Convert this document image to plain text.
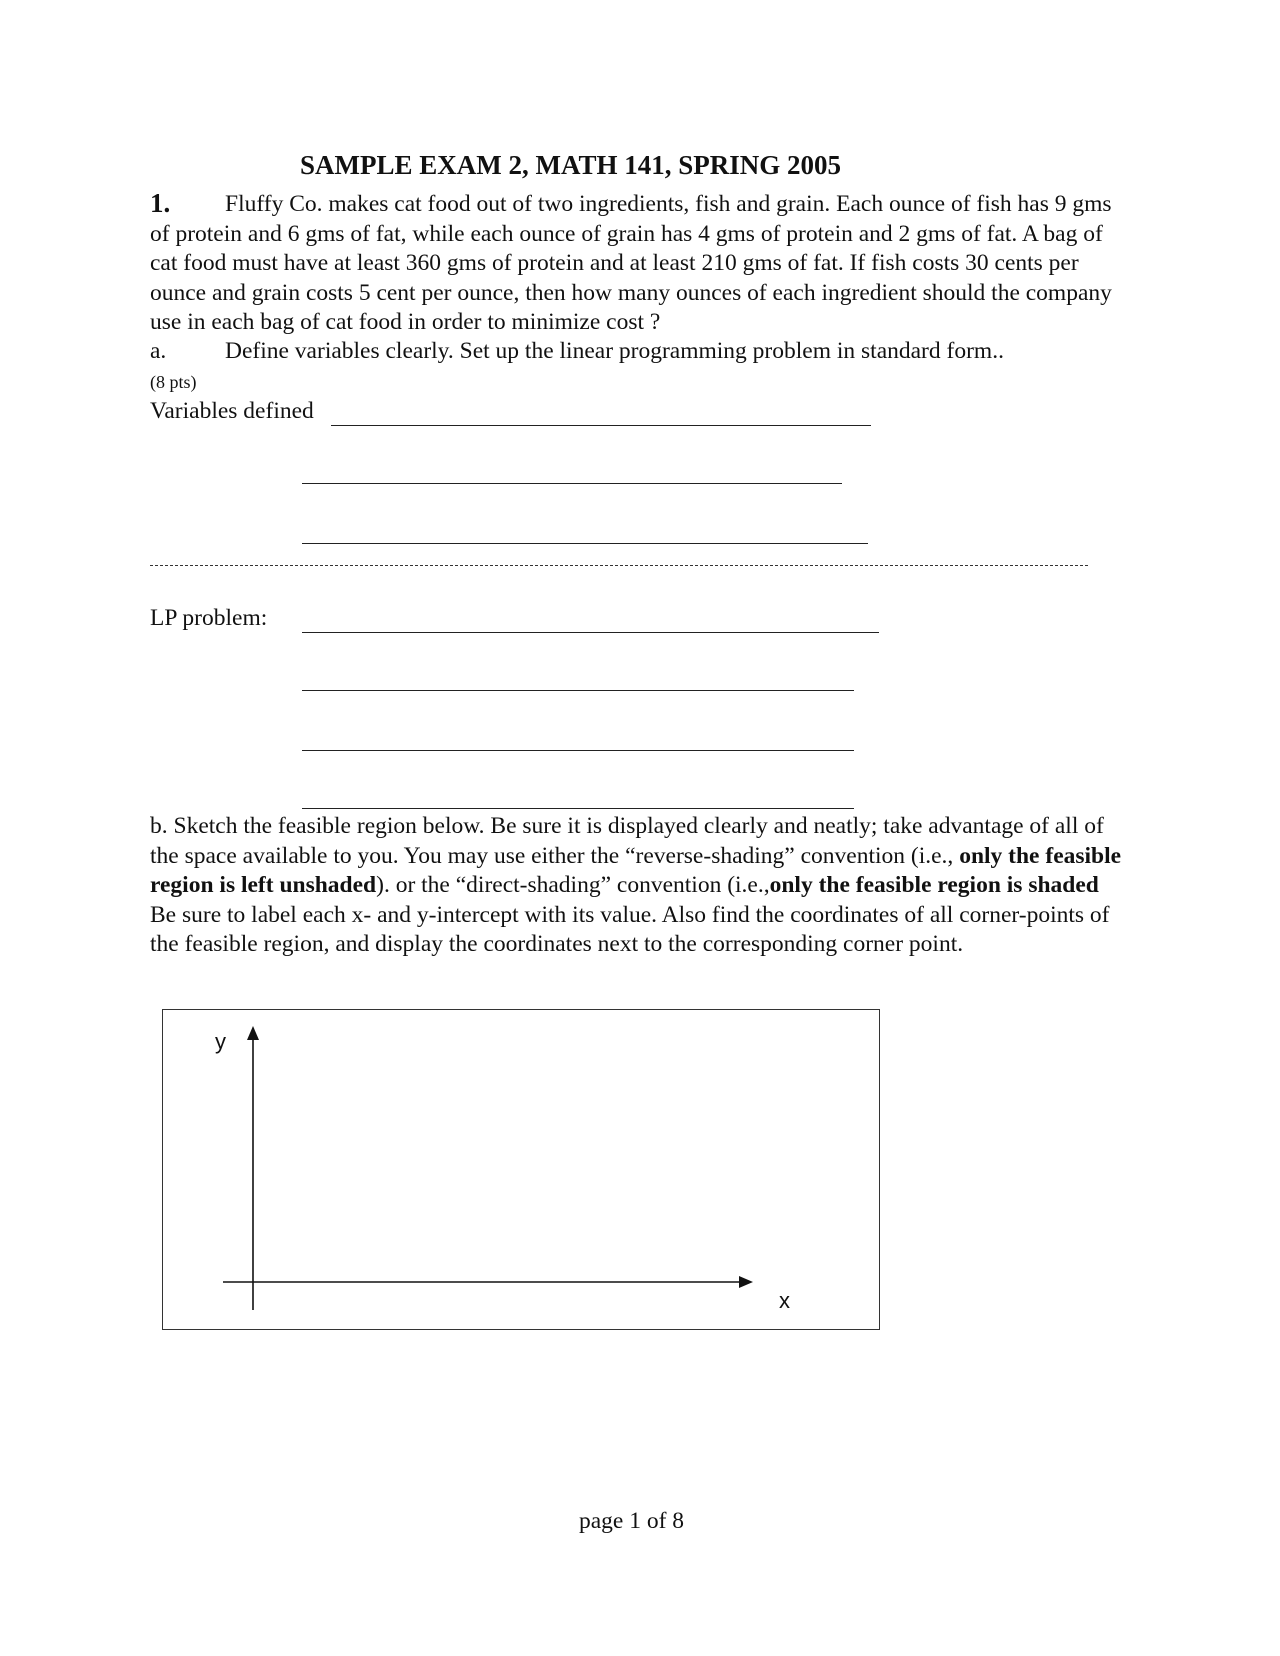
SAMPLE EXAM 2, MATH 141, SPRING 2005
1.	Fluffy Co. makes cat food out of two ingredients, fish and grain. Each ounce of fish has 9 gms of protein and 6 gms of fat, while each ounce of grain has 4 gms of protein and 2 gms of fat. A bag of cat food must have at least 360 gms of protein and at least 210 gms of fat. If fish costs 30 cents per ounce and grain costs 5 cent per ounce, then how many ounces of each ingredient should the company use in each bag of cat food in order to minimize cost ?
a. Define variables clearly. Set up the linear programming problem in standard form..
(8 pts)
Variables defined
LP problem:
b. Sketch the feasible region below. Be sure it is displayed clearly and neatly; take advantage of all of the space available to you. You may use either the “reverse-shading” convention (i.e., only the feasible region is left unshaded). or the “direct-shading” convention (i.e.,only the feasible region is shaded Be sure to label each x- and y-intercept with its value. Also find the coordinates of all corner-points of the feasible region, and display the coordinates next to the corresponding corner point.
y
x
page 1 of 8
